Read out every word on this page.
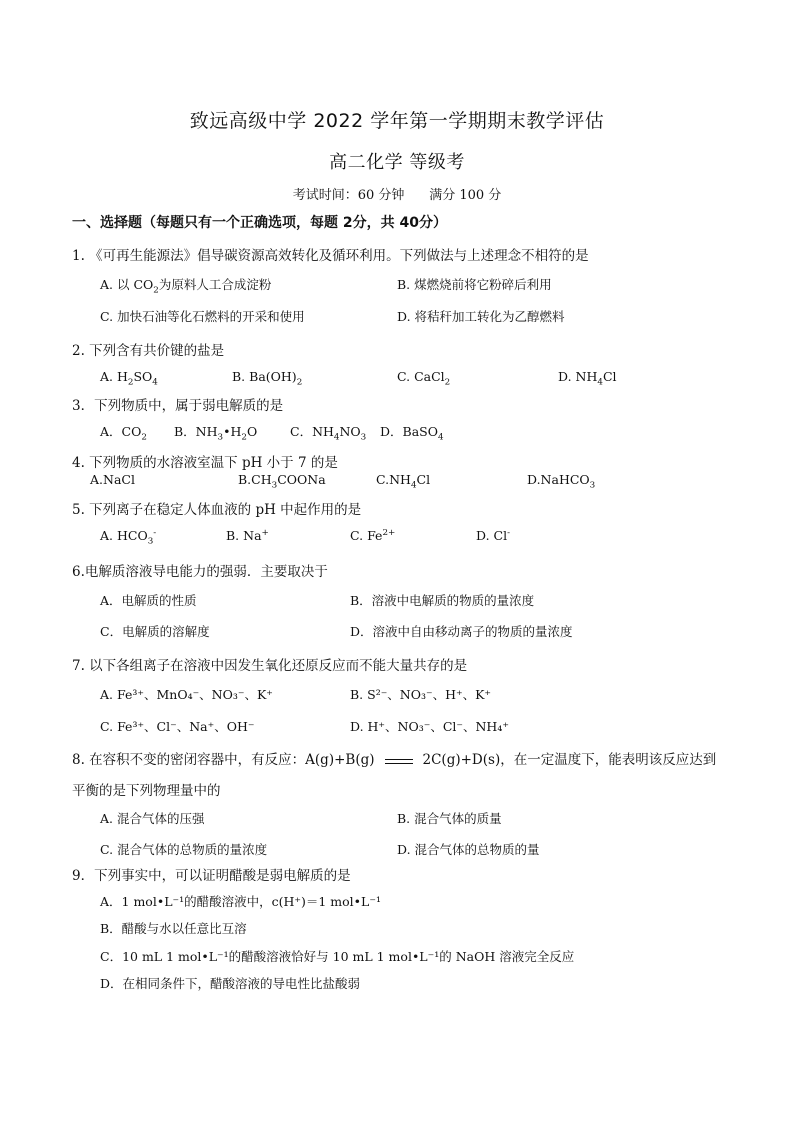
致远高级中学 2022 学年第一学期期末教学评估
高二化学 等级考
考试时间：60 分钟 满分 100 分
一、选择题（每题只有一个正确选项，每题 2分，共 40分）
1. 《可再生能源法》倡导碳资源高效转化及循环利用。下列做法与上述理念不相符的是
A. 以 $CO_2$为原料人工合成淀粉	B. 煤燃烧前将它粉碎后利用
C. 加快石油等化石燃料的开采和使用	D. 将秸秆加工转化为乙醇燃料
2. 下列含有共价键的盐是
A. $H_2SO_4$	B. $Ba(OH)_2$	C. CaCl$_2$	D. $NH_4Cl$
3．下列物质中，属于弱电解质的是
A．$CO_2$ B．$NH_3•H_2O$	C．$NH_4NO_3$ D．BaSO$_4$
4. 下列物质的水溶液室温下 pH 小于 7 的是
A.NaCl	$B.CH_3COONa$	$C.NH_4Cl$	D.NaHCO$_3$
5. 下列离子在稳定人体血液的 pH 中起作用的是
A. $HCO_3^-$	B. Na+	C. $Fe^{2+}$	D. Cl-
6.电解质溶液导电能力的强弱．主要取决于
A．电解质的性质	B．溶液中电解质的物质的量浓度
C．电解质的溶解度	D．溶液中自由移动离子的物质的量浓度
7. 以下各组离子在溶液中因发生氧化还原反应而不能大量共存的是
A. Fe³⁺、MnO₄⁻、NO₃⁻、K⁺	B. S²⁻、NO₃⁻、H⁺、K⁺
C. Fe³⁺、Cl⁻、Na⁺、OH⁻	D. H⁺、NO₃⁻、Cl⁻、NH₄⁺
8. 在容积不变的密闭容器中，有反应：A(g)+B(g)	2C(g)+D(s)，在一定温度下，能表明该反应达到
平衡的是下列物理量中的
A. 混合气体的压强	B. 混合气体的质量
C. 混合气体的总物质的量浓度	D. 混合气体的总物质的量
9．下列事实中，可以证明醋酸是弱电解质的是
A．1 mol•L⁻¹的醋酸溶液中，c(H⁺)＝1 mol•L⁻¹
B．醋酸与水以任意比互溶
C．10 mL 1 mol•L⁻¹的醋酸溶液恰好与 10 mL 1 mol•L⁻¹的 NaOH 溶液完全反应
D．在相同条件下，醋酸溶液的导电性比盐酸弱
